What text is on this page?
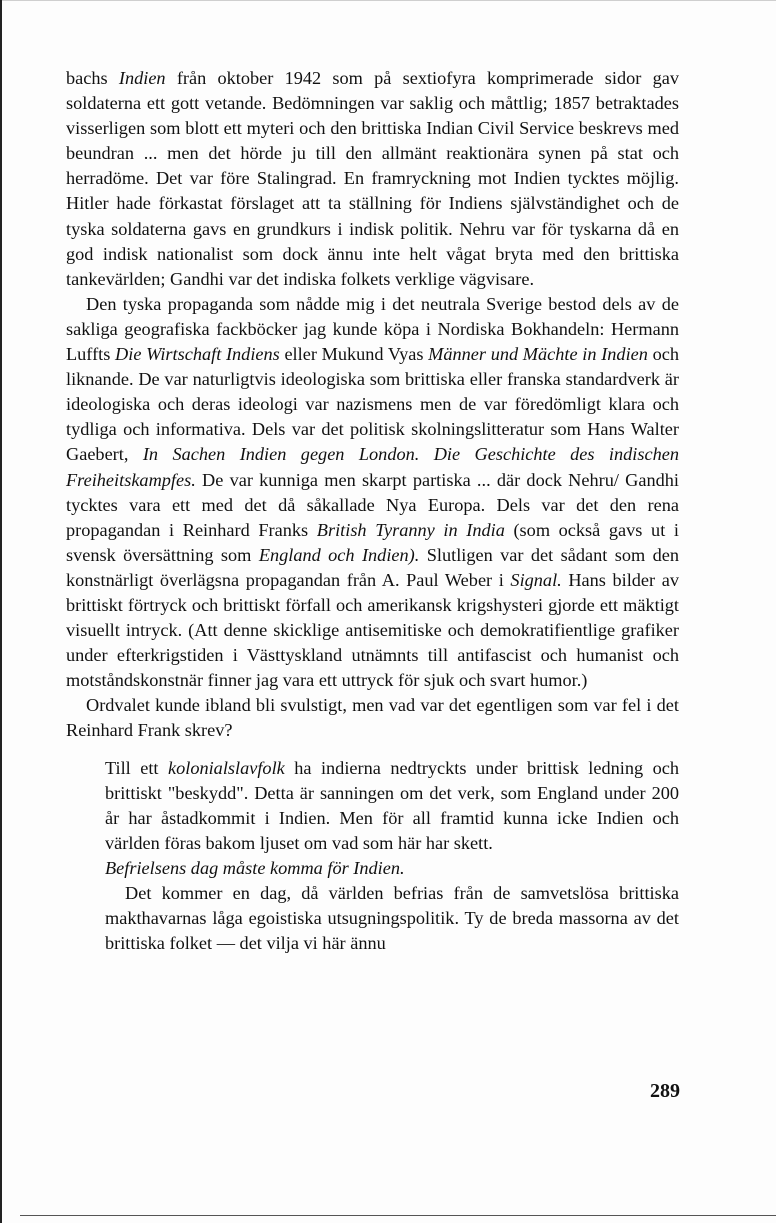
bachs Indien från oktober 1942 som på sextiofyra komprimerade sidor gav soldaterna ett gott vetande. Bedömningen var saklig och måttlig; 1857 betraktades visserligen som blott ett myteri och den brittiska Indian Civil Service beskrevs med beundran ... men det hörde ju till den allmänt reaktionära synen på stat och herradöme. Det var före Stalingrad. En framryckning mot Indien tycktes möjlig. Hitler hade förkastat förslaget att ta ställning för Indiens självständighet och de tyska soldaterna gavs en grundkurs i indisk politik. Nehru var för tyskarna då en god indisk nationalist som dock ännu inte helt vågat bryta med den brittiska tankevärlden; Gandhi var det indiska folkets verklige vägvisare.

Den tyska propaganda som nådde mig i det neutrala Sverige bestod dels av de sakliga geografiska fackböcker jag kunde köpa i Nordiska Bokhandeln: Hermann Luffts Die Wirtschaft Indiens eller Mukund Vyas Männer und Mächte in Indien och liknande. De var naturligtvis ideologiska som brittiska eller franska standardverk är ideologiska och deras ideologi var nazismens men de var föredömligt klara och tydliga och informativa. Dels var det politisk skolningslitteratur som Hans Walter Gaebert, In Sachen Indien gegen London. Die Geschichte des indischen Freiheitskampfes. De var kunniga men skarpt partiska ... där dock Nehru/ Gandhi tycktes vara ett med det då såkallade Nya Europa. Dels var det den rena propagandan i Reinhard Franks British Tyranny in India (som också gavs ut i svensk översättning som England och Indien). Slutligen var det sådant som den konstnärligt överlägsna propagandan från A. Paul Weber i Signal. Hans bilder av brittiskt förtryck och brittiskt förfall och amerikansk krigshysteri gjorde ett mäktigt visuellt intryck. (Att denne skicklige antisemitiske och demokratifientlige grafiker under efterkrigstiden i Västtyskland utnämnts till antifascist och humanist och motståndskonstnär finner jag vara ett uttryck för sjuk och svart humor.)

Ordvalet kunde ibland bli svulstigt, men vad var det egentligen som var fel i det Reinhard Frank skrev?

Till ett kolonialslavfolk ha indierna nedtryckts under brittisk ledning och brittiskt "beskydd". Detta är sanningen om det verk, som England under 200 år har åstadkommit i Indien. Men för all framtid kunna icke Indien och världen föras bakom ljuset om vad som här har skett.

Befrielsens dag måste komma för Indien.

Det kommer en dag, då världen befrias från de samvetslösa brittiska makthavarnas låga egoistiska utsugningspolitik. Ty de breda massorna av det brittiska folket — det vilja vi här ännu

289
